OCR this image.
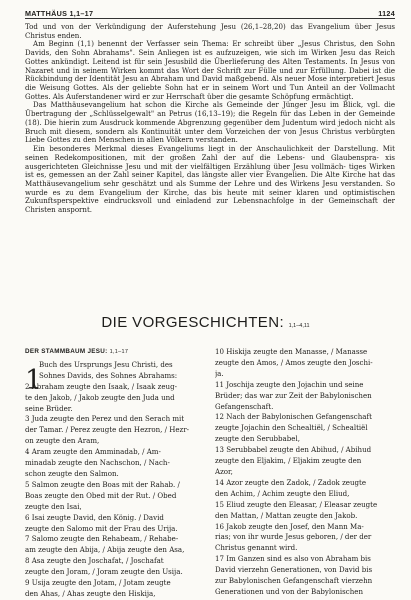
MATTHÄUS 1,1–17	1124

Tod und von der Verkündigung der Auferstehung Jesu (26,1–28,20) das Evangelium über Jesus Christus enden.

Am Beginn (1,1) benennt der Verfasser sein Thema: Er schreibt über „Jesus Christus, den Sohn Davids, den Sohn Abrahams". Sein Anliegen ist es aufzuzeigen, wie sich im Wirken Jesu das Reich Gottes ankündigt. Leitend ist für sein Jesusbild die Überlieferung des Alten Testaments. In Jesus von Nazaret und in seinem Wirken kommt das Wort der Schrift zur Fülle und zur Erfüllung. Dabei ist die Rückbindung der Identität Jesu an Abraham und David maßgebend. Als neuer Mose interpretiert Jesus die Weisung Gottes. Als der geliebte Sohn hat er in seinem Wort und Tun Anteil an der Vollmacht Gottes. Als Auferstandener wird er zur Herrschaft über die gesamte Schöpfung ermächtigt.

Das Matthäusevangelium hat schon die Kirche als Gemeinde der Jünger Jesu im Blick, vgl. die Übertragung der „Schlüsselgewalt" an Petrus (16,13–19); die Regeln für das Leben in der Gemeinde (18). Die hierin zum Ausdruck kommende Abgrenzung gegenüber dem Judentum wird jedoch nicht als Bruch mit diesem, sondern als Kontinuität unter dem Vorzeichen der von Jesus Christus verbürgten Liebe Gottes zu den Menschen in allen Völkern verstanden.

Ein besonderes Merkmal dieses Evangeliums liegt in der Anschaulichkeit der Darstellung. Mit seinen Redekompositionen, mit der großen Zahl der auf die Lebens- und Glaubenspra- xis ausgerichteten Gleichnisse Jesu und mit der vielfältigen Erzählung über Jesu vollmäch- tiges Wirken ist es, gemessen an der Zahl seiner Kapitel, das längste aller vier Evangelien. Die Alte Kirche hat das Matthäusevangelium sehr geschätzt und als Summe der Lehre und des Wirkens Jesu verstanden. So wurde es zu dem Evangelium der Kirche, das bis heute mit seiner klaren und optimistischen Zukunftsperspektive eindrucksvoll und einladend zur Lebensnachfolge in der Gemeinschaft der Christen anspornt.

DIE VORGESCHICHTEN: 1,1–4,11
DER STAMMBAUM JESU: 1,1–17
1
Buch des Ursprungs Jesu Christi, des
Sohnes Davids, des Sohnes Abrahams:
2 Abraham zeugte den Isaak, / Isaak zeug-
te den Jakob, / Jakob zeugte den Juda und
seine Brüder.
3 Juda zeugte den Perez und den Serach mit
der Tamar. / Perez zeugte den Hezron, / Hezr-
on zeugte den Aram,
4 Aram zeugte den Amminadab, / Am-
minadab zeugte den Nachschon, / Nach-
schon zeugte den Salmon.
5 Salmon zeugte den Boas mit der Rahab. /
Boas zeugte den Obed mit der Rut. / Obed
zeugte den Isai,
6 Isai zeugte David, den König. / David
zeugte den Salomo mit der Frau des Urija.
7 Salomo zeugte den Rehabeam, / Rehabe-
am zeugte den Abija, / Abija zeugte den Asa,
8 Asa zeugte den Joschafat, / Joschafat
zeugte den Joram, / Joram zeugte den Usija.
9 Usija zeugte den Jotam, / Jotam zeugte
den Ahas, / Ahas zeugte den Hiskija,
10 Hiskija zeugte den Manasse, / Manasse
zeugte den Amos, / Amos zeugte den Joschi-
ja.
11 Joschija zeugte den Jojachin und seine
Brüder; das war zur Zeit der Babylonischen
Gefangenschaft.
12 Nach der Babylonischen Gefangenschaft
zeugte Jojachin den Schealtiël, / Schealtiël
zeugte den Serubbabel,
13 Serubbabel zeugte den Abihud, / Abihud
zeugte den Eljakim, / Eljakim zeugte den
Azor,
14 Azor zeugte den Zadok, / Zadok zeugte
den Achim, / Achim zeugte den Eliud,
15 Eliud zeugte den Eleasar, / Eleasar zeugte
den Mattan, / Mattan zeugte den Jakob.
16 Jakob zeugte den Josef, den Mann Ma-
rias; von ihr wurde Jesus geboren, / der der
Christus genannt wird.
17 Im Ganzen sind es also von Abraham bis
David vierzehn Generationen, von David bis
zur Babylonischen Gefangenschaft vierzehn
Generationen und von der Babylonischen
